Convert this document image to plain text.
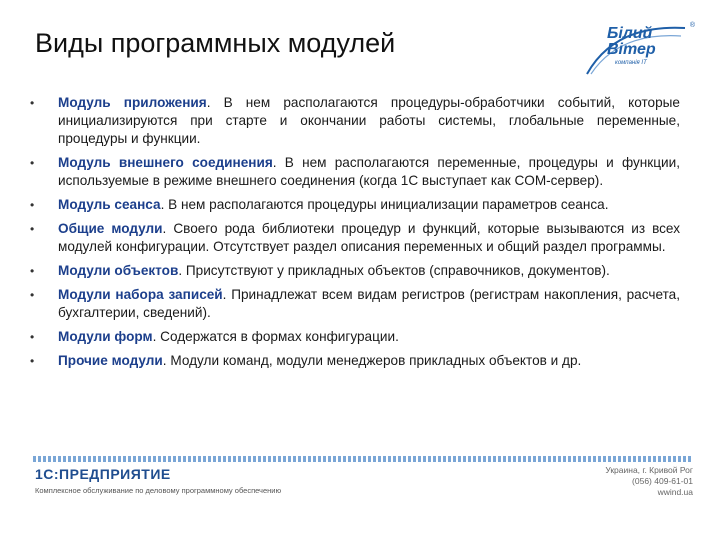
Виды программных модулей	Білий
Вітер
компанія ІТ
®
• Модуль приложения. В нем располагаются процедуры-обработчики событий, которые инициализируются при старте и окончании работы системы, глобальные переменные, процедуры и функции.
• Модуль внешнего соединения. В нем располагаются переменные, процедуры и функции, используемые в режиме внешнего соединения (когда 1С выступает как COM-сервер).
• Модуль сеанса. В нем располагаются процедуры инициализации параметров сеанса.
• Общие модули. Своего рода библиотеки процедур и функций, которые вызываются из всех модулей конфигурации. Отсутствует раздел описания переменных и общий раздел программы.
• Модули объектов. Присутствуют у прикладных объектов (справочников, документов).
• Модули набора записей. Принадлежат всем видам регистров (регистрам накопления, расчета, бухгалтерии, сведений).
• Модули форм. Содержатся в формах конфигурации.
• Прочие модули. Модули команд, модули менеджеров прикладных объектов и др.
1С:ПРЕДПРИЯТИЕ
Комплексное обслуживание по деловому программному обеспечению
Украина, г. Кривой Рог
(056) 409-61-01
wwind.ua
